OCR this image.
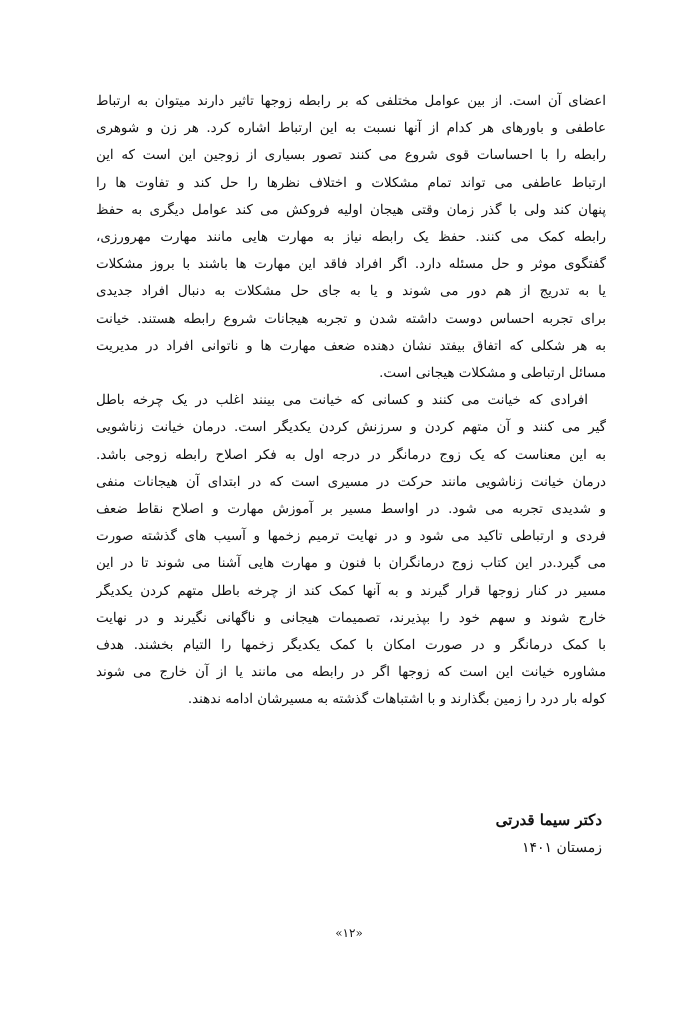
اعضای آن است. از بین عوامل مختلفی که بر رابطه زوجها تاثیر دارند میتوان به ارتباط

عاطفی و باورهای هر کدام از آنها نسبت به این ارتباط اشاره کرد. هر زن و شوهری

رابطه را با احساسات قوی شروع می کنند تصور بسیاری از زوجین این است که این

ارتباط عاطفی می تواند تمام مشکلات و اختلاف نظرها را حل کند و تفاوت ها را

پنهان کند ولی با گذر زمان وقتی هیجان اولیه فروکش می کند عوامل دیگری به حفظ

رابطه کمک می کنند. حفظ یک رابطه نیاز به مهارت هایی مانند مهارت مهرورزی،

گفتگوی موثر و حل مسئله دارد. اگر افراد فاقد این مهارت ها باشند با بروز مشکلات

یا به تدریج از هم دور می شوند و یا به جای حل مشکلات به دنبال افراد جدیدی

برای تجربه احساس دوست داشته شدن و تجربه هیجانات شروع رابطه هستند. خیانت

به هر شکلی که اتفاق بیفتد نشان دهنده ضعف مهارت ها و ناتوانی افراد در مدیریت

مسائل ارتباطی و مشکلات هیجانی است.

افرادی که خیانت می کنند و کسانی که خیانت می بینند اغلب در یک چرخه باطل

گیر می کنند و آن متهم کردن و سرزنش کردن یکدیگر است. درمان خیانت زناشویی

به این معناست که یک زوج درمانگر در درجه اول به فکر اصلاح رابطه زوجی باشد.

درمان خیانت زناشویی مانند حرکت در مسیری است که در ابتدای آن هیجانات منفی

و شدیدی تجربه می شود. در اواسط مسیر بر آموزش مهارت و اصلاح نقاط ضعف

فردی و ارتباطی تاکید می شود و در نهایت ترمیم زخمها و آسیب های گذشته صورت

می گیرد.در این کتاب زوج درمانگران با فنون و مهارت هایی آشنا می شوند تا در این

مسیر در کنار زوجها قرار گیرند و به آنها کمک کند از چرخه باطل متهم کردن یکدیگر

خارج شوند و سهم خود را بپذیرند، تصمیمات هیجانی و ناگهانی نگیرند و در نهایت

با کمک درمانگر و در صورت امکان با کمک یکدیگر زخمها را التیام بخشند. هدف

مشاوره خیانت این است که زوجها اگر در رابطه می مانند یا از آن خارج می شوند

کوله بار درد را زمین بگذارند و با اشتباهات گذشته به مسیرشان ادامه ندهند.

دکتر سیما قدرتی
زمستان ۱۴۰۱
«۱۲»
